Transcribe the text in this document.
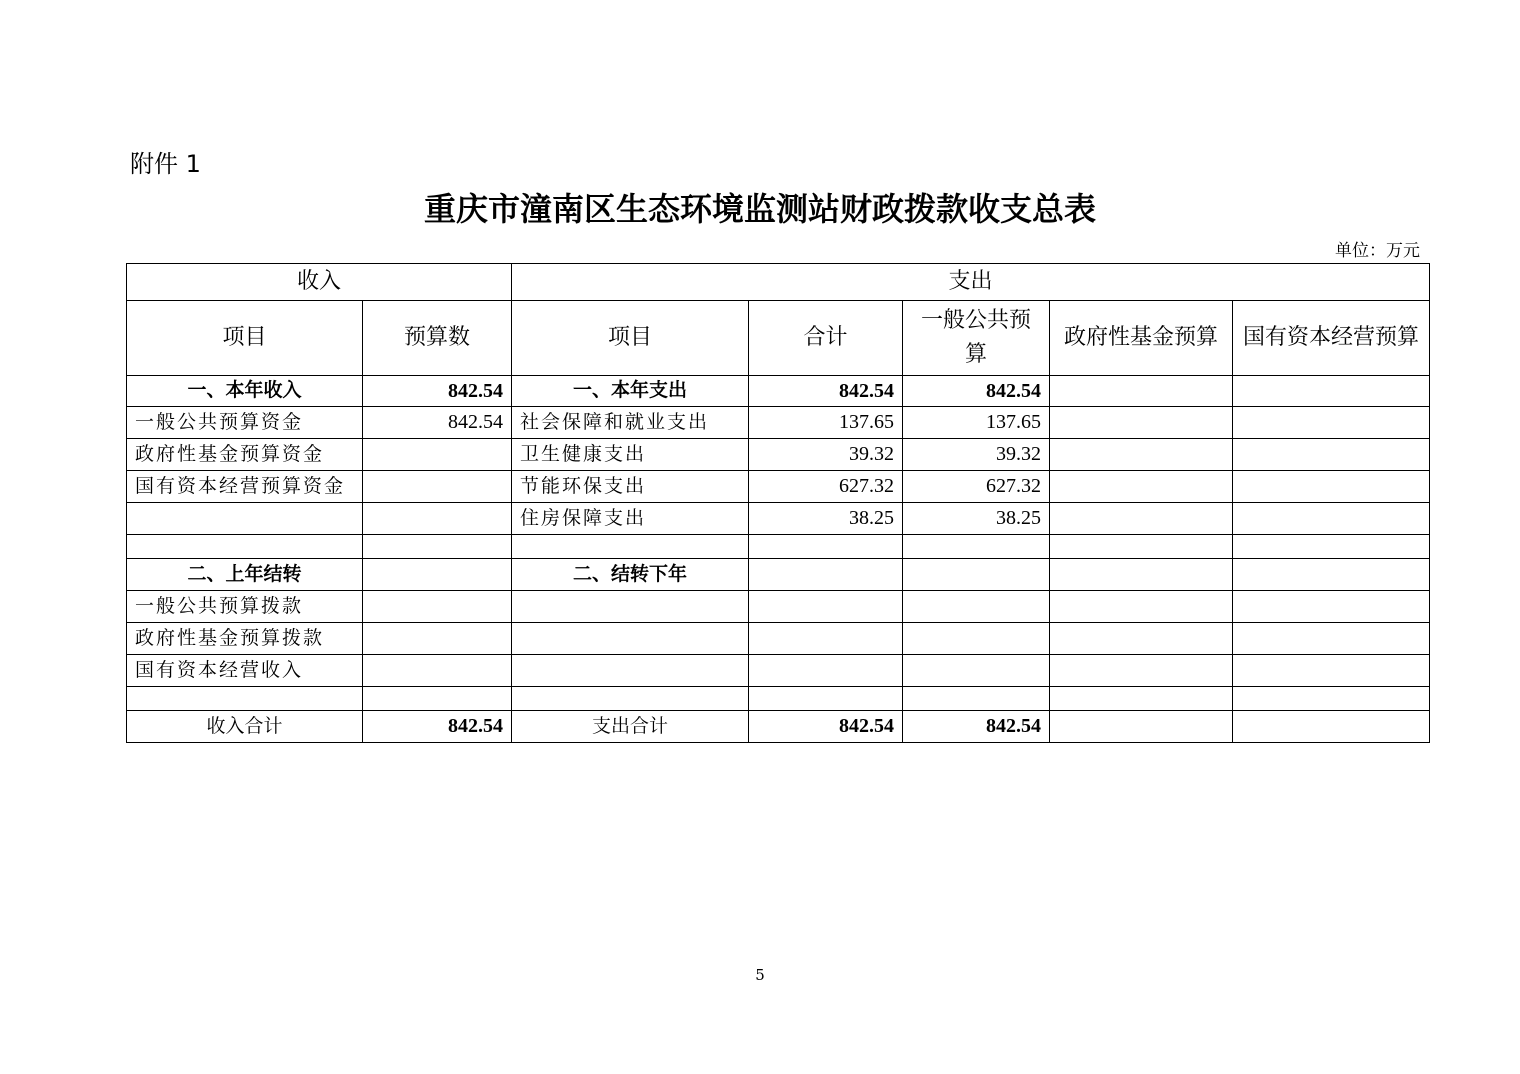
附件 1
重庆市潼南区生态环境监测站财政拨款收支总表
单位：万元
收入		支出				
项目	预算数	项目	合计	一般公共预算	政府性基金预算	国有资本经营预算
一、本年收入	842.54	一、本年支出	842.54	842.54		
一般公共预算资金	842.54	社会保障和就业支出	137.65	137.65		
政府性基金预算资金		卫生健康支出	39.32	39.32		
国有资本经营预算资金		节能环保支出	627.32	627.32		
		住房保障支出	38.25	38.25		

二、上年结转		二、结转下年				
一般公共预算拨款						
政府性基金预算拨款						
国有资本经营收入						

收入合计	842.54	支出合计	842.54	842.54		
5
